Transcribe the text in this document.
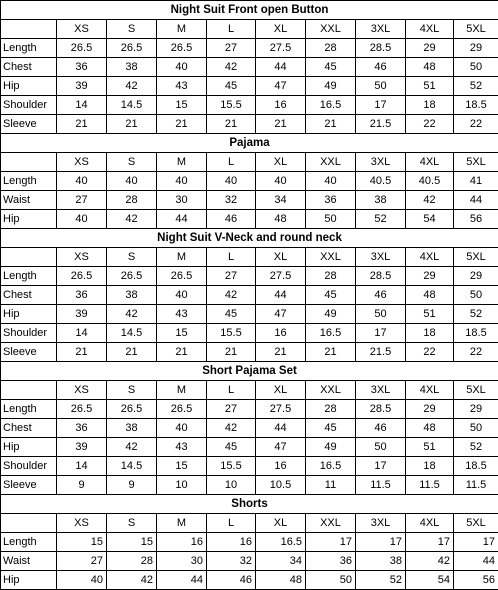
Night Suit Front open Button									
	XS	S	M	L	XL	XXL	3XL	4XL	5XL
Length	26.5	26.5	26.5	27	27.5	28	28.5	29	29
Chest	36	38	40	42	44	45	46	48	50
Hip	39	42	43	45	47	49	50	51	52
Shoulder	14	14.5	15	15.5	16	16.5	17	18	18.5
Sleeve	21	21	21	21	21	21	21.5	22	22
Pajama									
	XS	S	M	L	XL	XXL	3XL	4XL	5XL
Length	40	40	40	40	40	40	40.5	40.5	41
Waist	27	28	30	32	34	36	38	42	44
Hip	40	42	44	46	48	50	52	54	56
Night Suit V-Neck and round neck									
	XS	S	M	L	XL	XXL	3XL	4XL	5XL
Length	26.5	26.5	26.5	27	27.5	28	28.5	29	29
Chest	36	38	40	42	44	45	46	48	50
Hip	39	42	43	45	47	49	50	51	52
Shoulder	14	14.5	15	15.5	16	16.5	17	18	18.5
Sleeve	21	21	21	21	21	21	21.5	22	22
Short Pajama Set									
	XS	S	M	L	XL	XXL	3XL	4XL	5XL
Length	26.5	26.5	26.5	27	27.5	28	28.5	29	29
Chest	36	38	40	42	44	45	46	48	50
Hip	39	42	43	45	47	49	50	51	52
Shoulder	14	14.5	15	15.5	16	16.5	17	18	18.5
Sleeve	9	9	10	10	10.5	11	11.5	11.5	11.5
Shorts									
	XS	S	M	L	XL	XXL	3XL	4XL	5XL
Length	15	15	16	16	16.5	17	17	17	17
Waist	27	28	30	32	34	36	38	42	44
Hip	40	42	44	46	48	50	52	54	56
